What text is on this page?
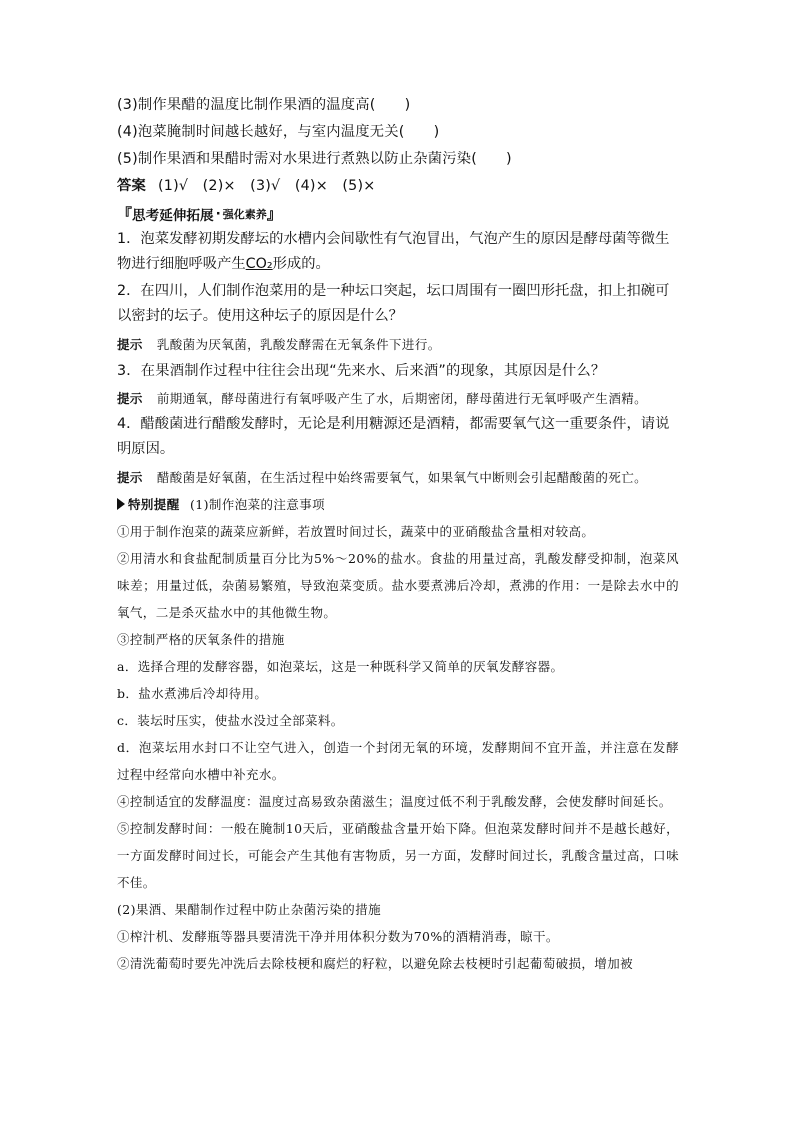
(3)制作果醋的温度比制作果酒的温度高(　　)
(4)泡菜腌制时间越长越好，与室内温度无关(　　)
(5)制作果酒和果醋时需对水果进行煮熟以防止杂菌污染(　　)
答案 (1)√　(2)×　(3)√　(4)×　(5)×
『 思考延伸拓展 · 强化素养 』
1．泡菜发酵初期发酵坛的水槽内会间歇性有气泡冒出，气泡产生的原因是酵母菌等微生物进行细胞呼吸产生CO₂形成的。
2．在四川，人们制作泡菜用的是一种坛口突起，坛口周围有一圈凹形托盘，扣上扣碗可以密封的坛子。使用这种坛子的原因是什么？
提示 乳酸菌为厌氧菌，乳酸发酵需在无氧条件下进行。
3．在果酒制作过程中往往会出现“先来水、后来酒”的现象，其原因是什么？
提示 前期通氧，酵母菌进行有氧呼吸产生了水，后期密闭，酵母菌进行无氧呼吸产生酒精。
4．醋酸菌进行醋酸发酵时，无论是利用糖源还是酒精，都需要氧气这一重要条件，请说明原因。
提示 醋酸菌是好氧菌，在生活过程中始终需要氧气，如果氧气中断则会引起醋酸菌的死亡。
特别提醒 (1)制作泡菜的注意事项
①用于制作泡菜的蔬菜应新鲜，若放置时间过长，蔬菜中的亚硝酸盐含量相对较高。
②用清水和食盐配制质量百分比为5%～20%的盐水。食盐的用量过高，乳酸发酵受抑制，泡菜风味差；用量过低，杂菌易繁殖，导致泡菜变质。盐水要煮沸后冷却，煮沸的作用：一是除去水中的氧气，二是杀灭盐水中的其他微生物。
③控制严格的厌氧条件的措施
a．选择合理的发酵容器，如泡菜坛，这是一种既科学又简单的厌氧发酵容器。
b．盐水煮沸后冷却待用。
c．装坛时压实，使盐水没过全部菜料。
d．泡菜坛用水封口不让空气进入，创造一个封闭无氧的环境，发酵期间不宜开盖，并注意在发酵过程中经常向水槽中补充水。
④控制适宜的发酵温度：温度过高易致杂菌滋生；温度过低不利于乳酸发酵，会使发酵时间延长。
⑤控制发酵时间：一般在腌制10天后，亚硝酸盐含量开始下降。但泡菜发酵时间并不是越长越好，一方面发酵时间过长，可能会产生其他有害物质，另一方面，发酵时间过长，乳酸含量过高，口味不佳。
(2)果酒、果醋制作过程中防止杂菌污染的措施
①榨汁机、发酵瓶等器具要清洗干净并用体积分数为70%的酒精消毒，晾干。
②清洗葡萄时要先冲洗后去除枝梗和腐烂的籽粒，以避免除去枝梗时引起葡萄破损，增加被
